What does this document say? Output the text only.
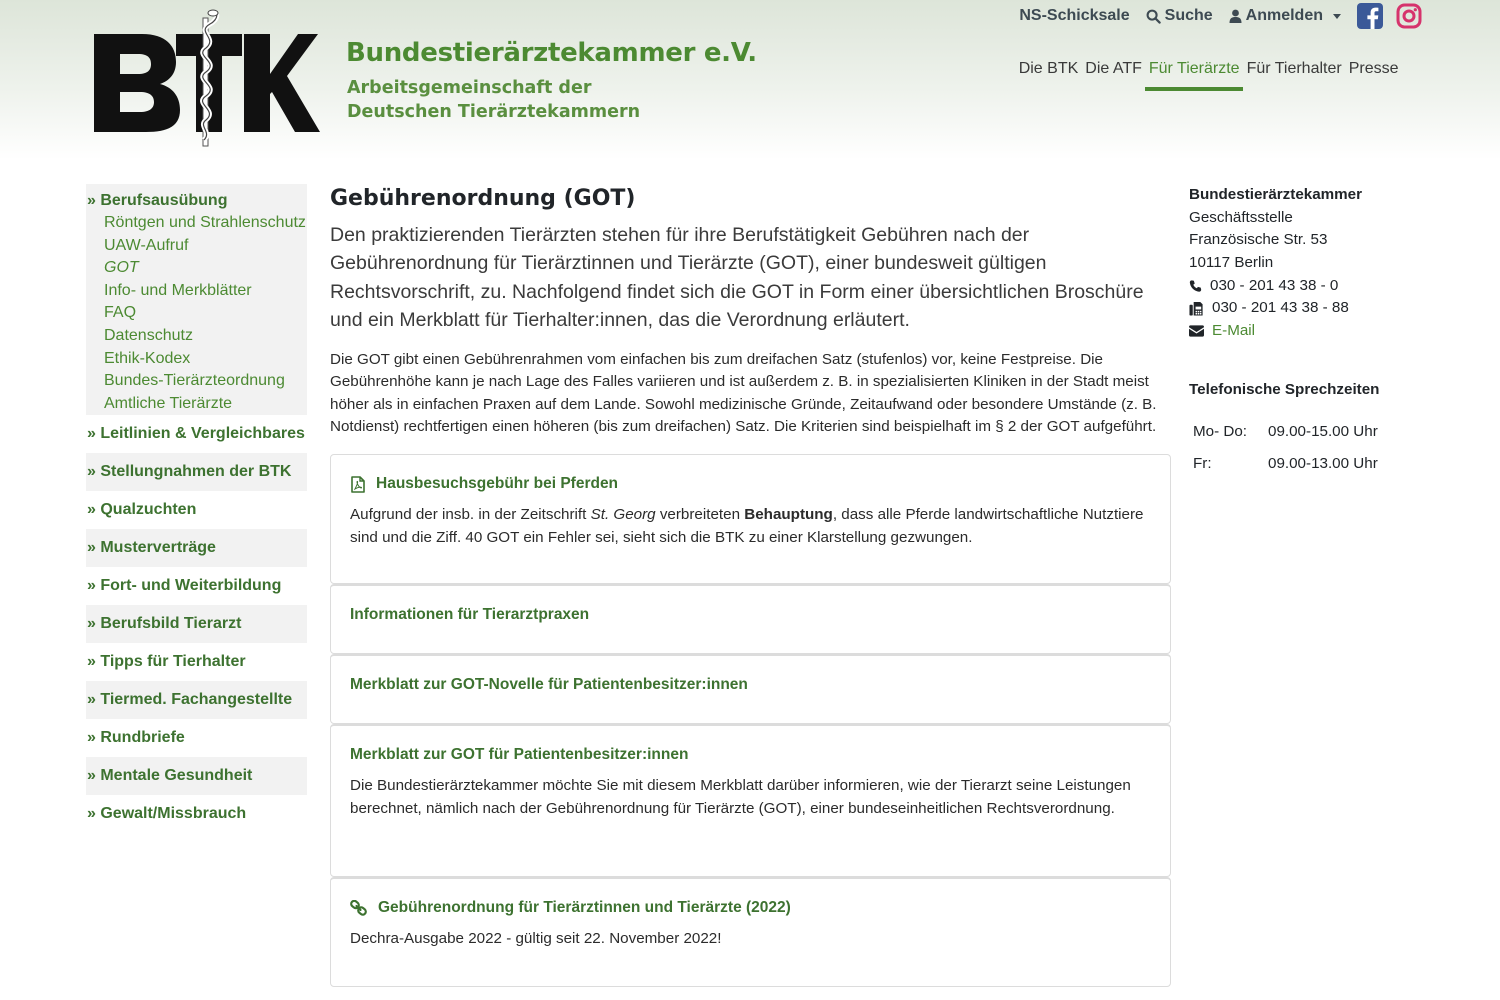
Bundestierärztekammer e.V.
Arbeitsgemeinschaft der
Deutschen Tierärztekammern
NS-Schicksale Suche Anmelden
Die BTK Die ATF Für Tierärzte Für Tierhalter Presse
» Berufsausübung
Röntgen und Strahlenschutz
UAW-Aufruf
GOT
Info- und Merkblätter
FAQ
Datenschutz
Ethik-Kodex
Bundes-Tierärzteordnung
Amtliche Tierärzte
» Leitlinien & Vergleichbares
» Stellungnahmen der BTK
» Qualzuchten
» Musterverträge
» Fort- und Weiterbildung
» Berufsbild Tierarzt
» Tipps für Tierhalter
» Tiermed. Fachangestellte
» Rundbriefe
» Mentale Gesundheit
» Gewalt/Missbrauch
Gebührenordnung (GOT)

Den praktizierenden Tierärzten stehen für ihre Berufstätigkeit Gebühren nach der Gebührenordnung für Tierärztinnen und Tierärzte (GOT), einer bundesweit gültigen Rechtsvorschrift, zu. Nachfolgend findet sich die GOT in Form einer übersichtlichen Broschüre und ein Merkblatt für Tierhalter:innen, das die Verordnung erläutert.

Die GOT gibt einen Gebührenrahmen vom einfachen bis zum dreifachen Satz (stufenlos) vor, keine Festpreise. Die Gebührenhöhe kann je nach Lage des Falles variieren und ist außerdem z. B. in spezialisierten Kliniken in der Stadt meist höher als in einfachen Praxen auf dem Lande. Sowohl medizinische Gründe, Zeitaufwand oder besondere Umstände (z. B. Notdienst) rechtfertigen einen höheren (bis zum dreifachen) Satz. Die Kriterien sind beispielhaft im § 2 der GOT aufgeführt.

Hausbesuchsgebühr bei Pferden

Aufgrund der insb. in der Zeitschrift St. Georg verbreiteten Behauptung, dass alle Pferde landwirtschaftliche Nutztiere sind und die Ziff. 40 GOT ein Fehler sei, sieht sich die BTK zu einer Klarstellung gezwungen.

Informationen für Tierarztpraxen
Merkblatt zur GOT-Novelle für Patientenbesitzer:innen
Merkblatt zur GOT für Patientenbesitzer:innen

Die Bundestierärztekammer möchte Sie mit diesem Merkblatt darüber informieren, wie der Tierarzt seine Leistungen berechnet, nämlich nach der Gebührenordnung für Tierärzte (GOT), einer bundeseinheitlichen Rechtsverordnung.

Gebührenordnung für Tierärztinnen und Tierärzte (2022)

Dechra-Ausgabe 2022 - gültig seit 22. November 2022!

Bundestierärztekammer
Geschäftsstelle
Französische Str. 53
10117 Berlin
030 - 201 43 38 - 0
030 - 201 43 38 - 88
E-Mail
Telefonische Sprechzeiten
Mo- Do:	09.00-15.00 Uhr
Fr:	09.00-13.00 Uhr
